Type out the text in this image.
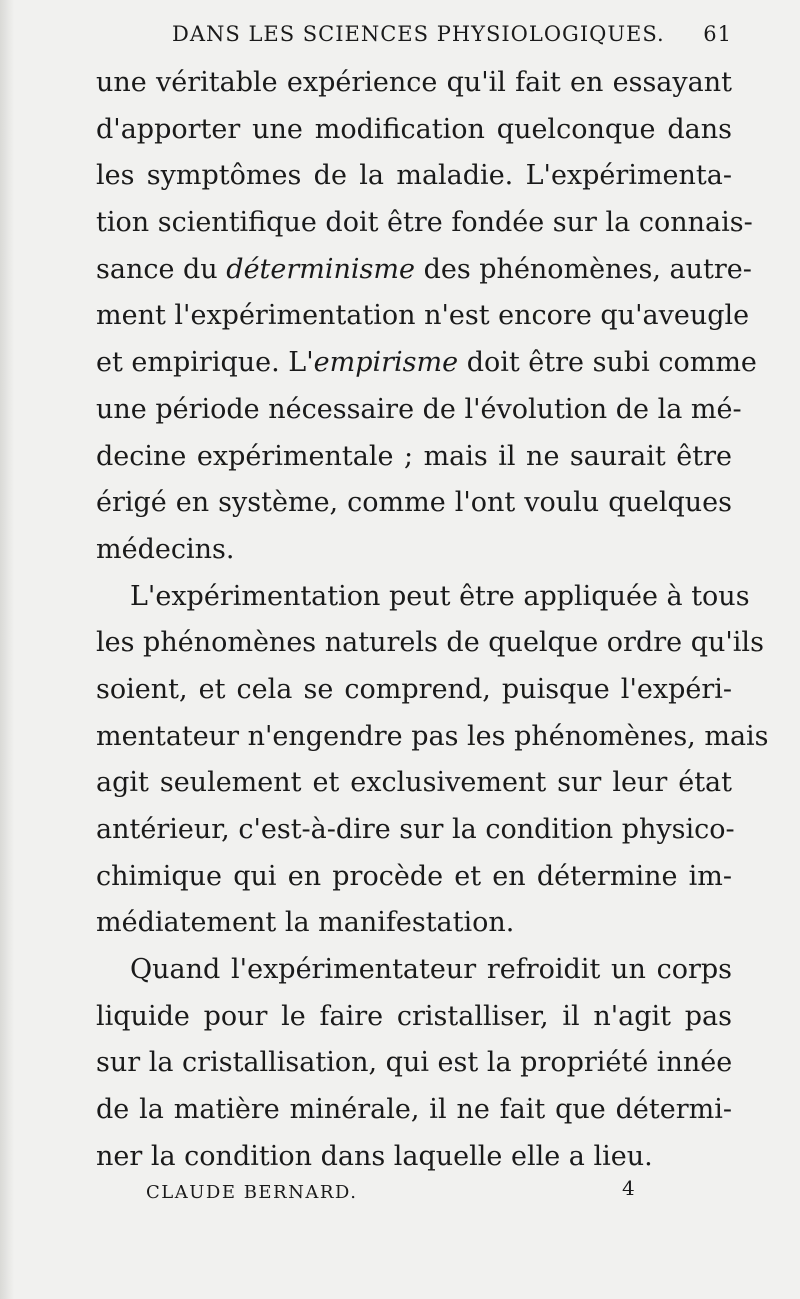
DANS LES SCIENCES PHYSIOLOGIQUES. 61
une véritable expérience qu'il fait en essayant
d'apporter une modification quelconque dans
les symptômes de la maladie. L'expérimenta-
tion scientifique doit être fondée sur la connais-
sance du déterminisme des phénomènes, autre-
ment l'expérimentation n'est encore qu'aveugle
et empirique. L'empirisme doit être subi comme
une période nécessaire de l'évolution de la mé-
decine expérimentale ; mais il ne saurait être
érigé en système, comme l'ont voulu quelques
médecins.
L'expérimentation peut être appliquée à tous
les phénomènes naturels de quelque ordre qu'ils
soient, et cela se comprend, puisque l'expéri-
mentateur n'engendre pas les phénomènes, mais
agit seulement et exclusivement sur leur état
antérieur, c'est-à-dire sur la condition physico-
chimique qui en procède et en détermine im-
médiatement la manifestation.
Quand l'expérimentateur refroidit un corps
liquide pour le faire cristalliser, il n'agit pas
sur la cristallisation, qui est la propriété innée
de la matière minérale, il ne fait que détermi-
ner la condition dans laquelle elle a lieu.
CLAUDE BERNARD.	4
